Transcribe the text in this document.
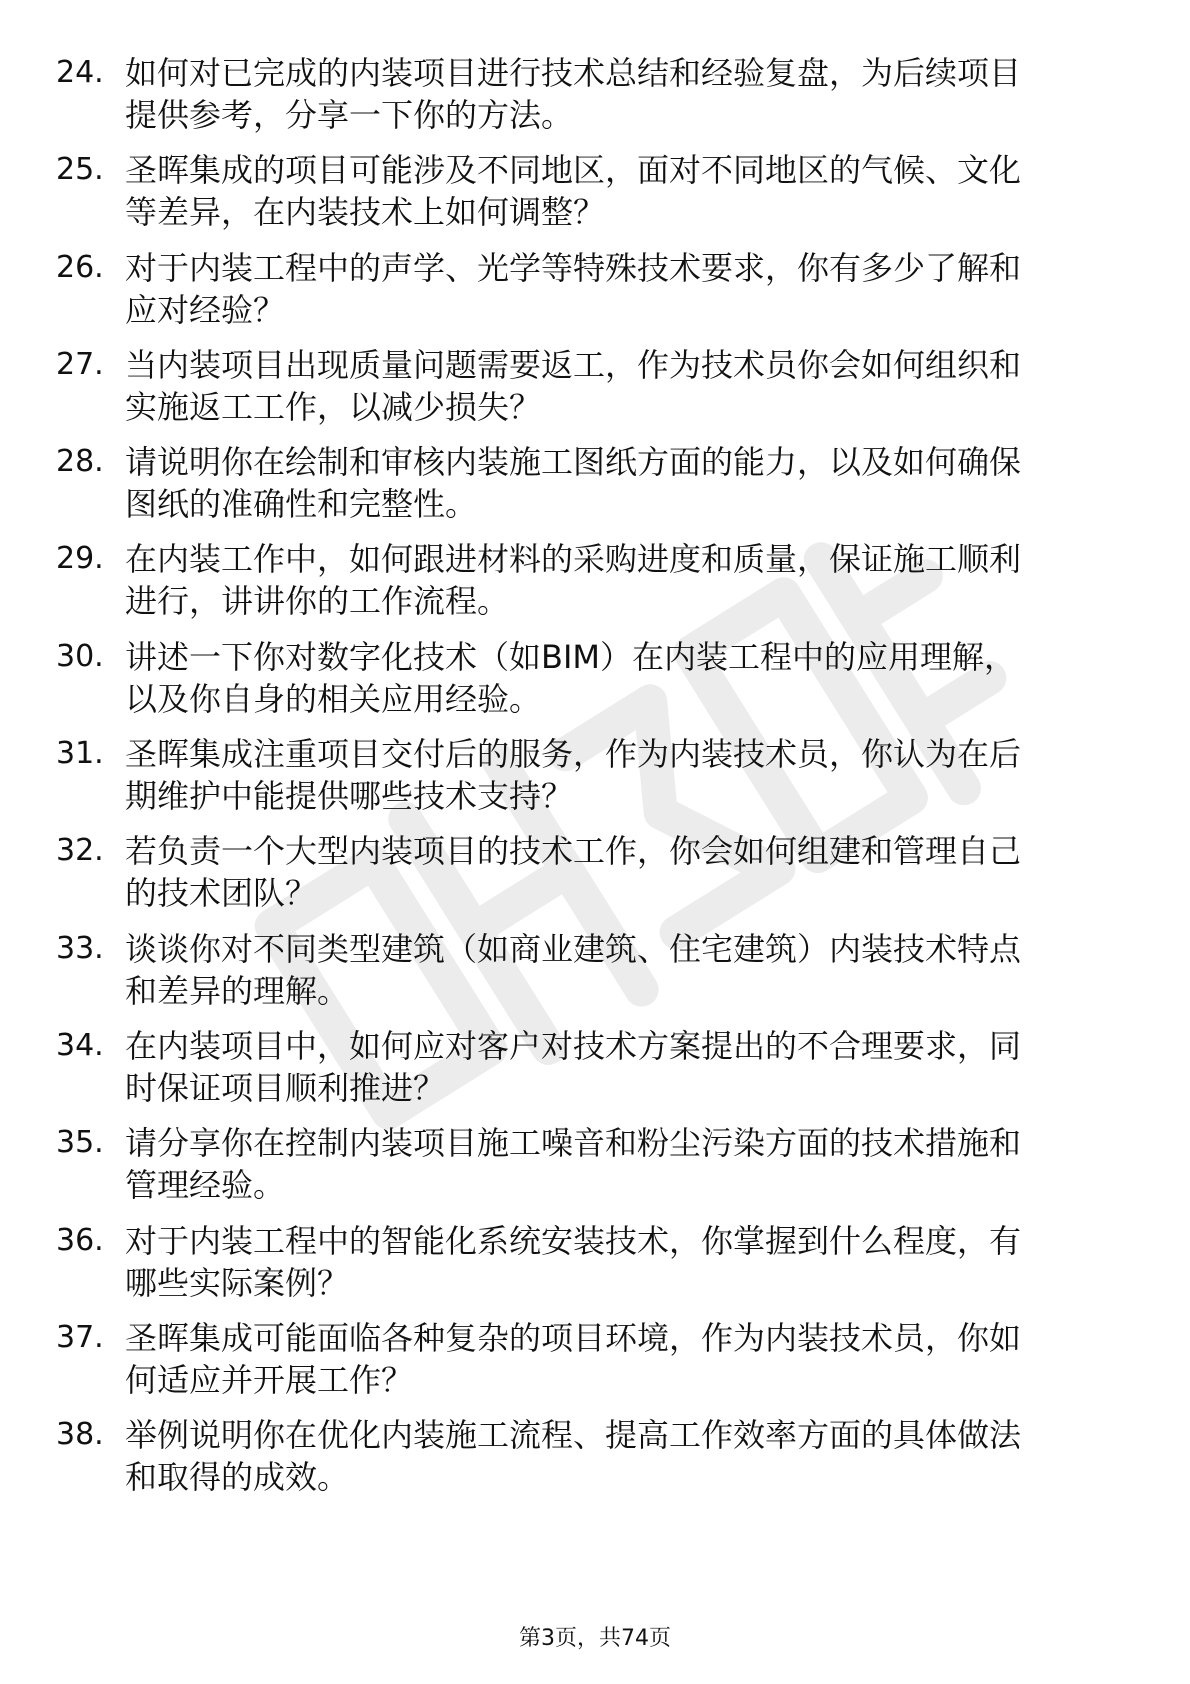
24. 如何对已完成的内装项目进行技术总结和经验复盘，为后续项目
提供参考，分享一下你的方法。
25. 圣晖集成的项目可能涉及不同地区，面对不同地区的气候、文化
等差异，在内装技术上如何调整？
26. 对于内装工程中的声学、光学等特殊技术要求，你有多少了解和
应对经验？
27. 当内装项目出现质量问题需要返工，作为技术员你会如何组织和
实施返工工作，以减少损失？
28. 请说明你在绘制和审核内装施工图纸方面的能力，以及如何确保
图纸的准确性和完整性。
29. 在内装工作中，如何跟进材料的采购进度和质量，保证施工顺利
进行，讲讲你的工作流程。
30. 讲述一下你对数字化技术（如BIM）在内装工程中的应用理解，
以及你自身的相关应用经验。
31. 圣晖集成注重项目交付后的服务，作为内装技术员，你认为在后
期维护中能提供哪些技术支持？
32. 若负责一个大型内装项目的技术工作，你会如何组建和管理自己
的技术团队？
33. 谈谈你对不同类型建筑（如商业建筑、住宅建筑）内装技术特点
和差异的理解。
34. 在内装项目中，如何应对客户对技术方案提出的不合理要求，同
时保证项目顺利推进？
35. 请分享你在控制内装项目施工噪音和粉尘污染方面的技术措施和
管理经验。
36. 对于内装工程中的智能化系统安装技术，你掌握到什么程度，有
哪些实际案例？
37. 圣晖集成可能面临各种复杂的项目环境，作为内装技术员，你如
何适应并开展工作？
38. 举例说明你在优化内装施工流程、提高工作效率方面的具体做法
和取得的成效。
第3页，共74页
